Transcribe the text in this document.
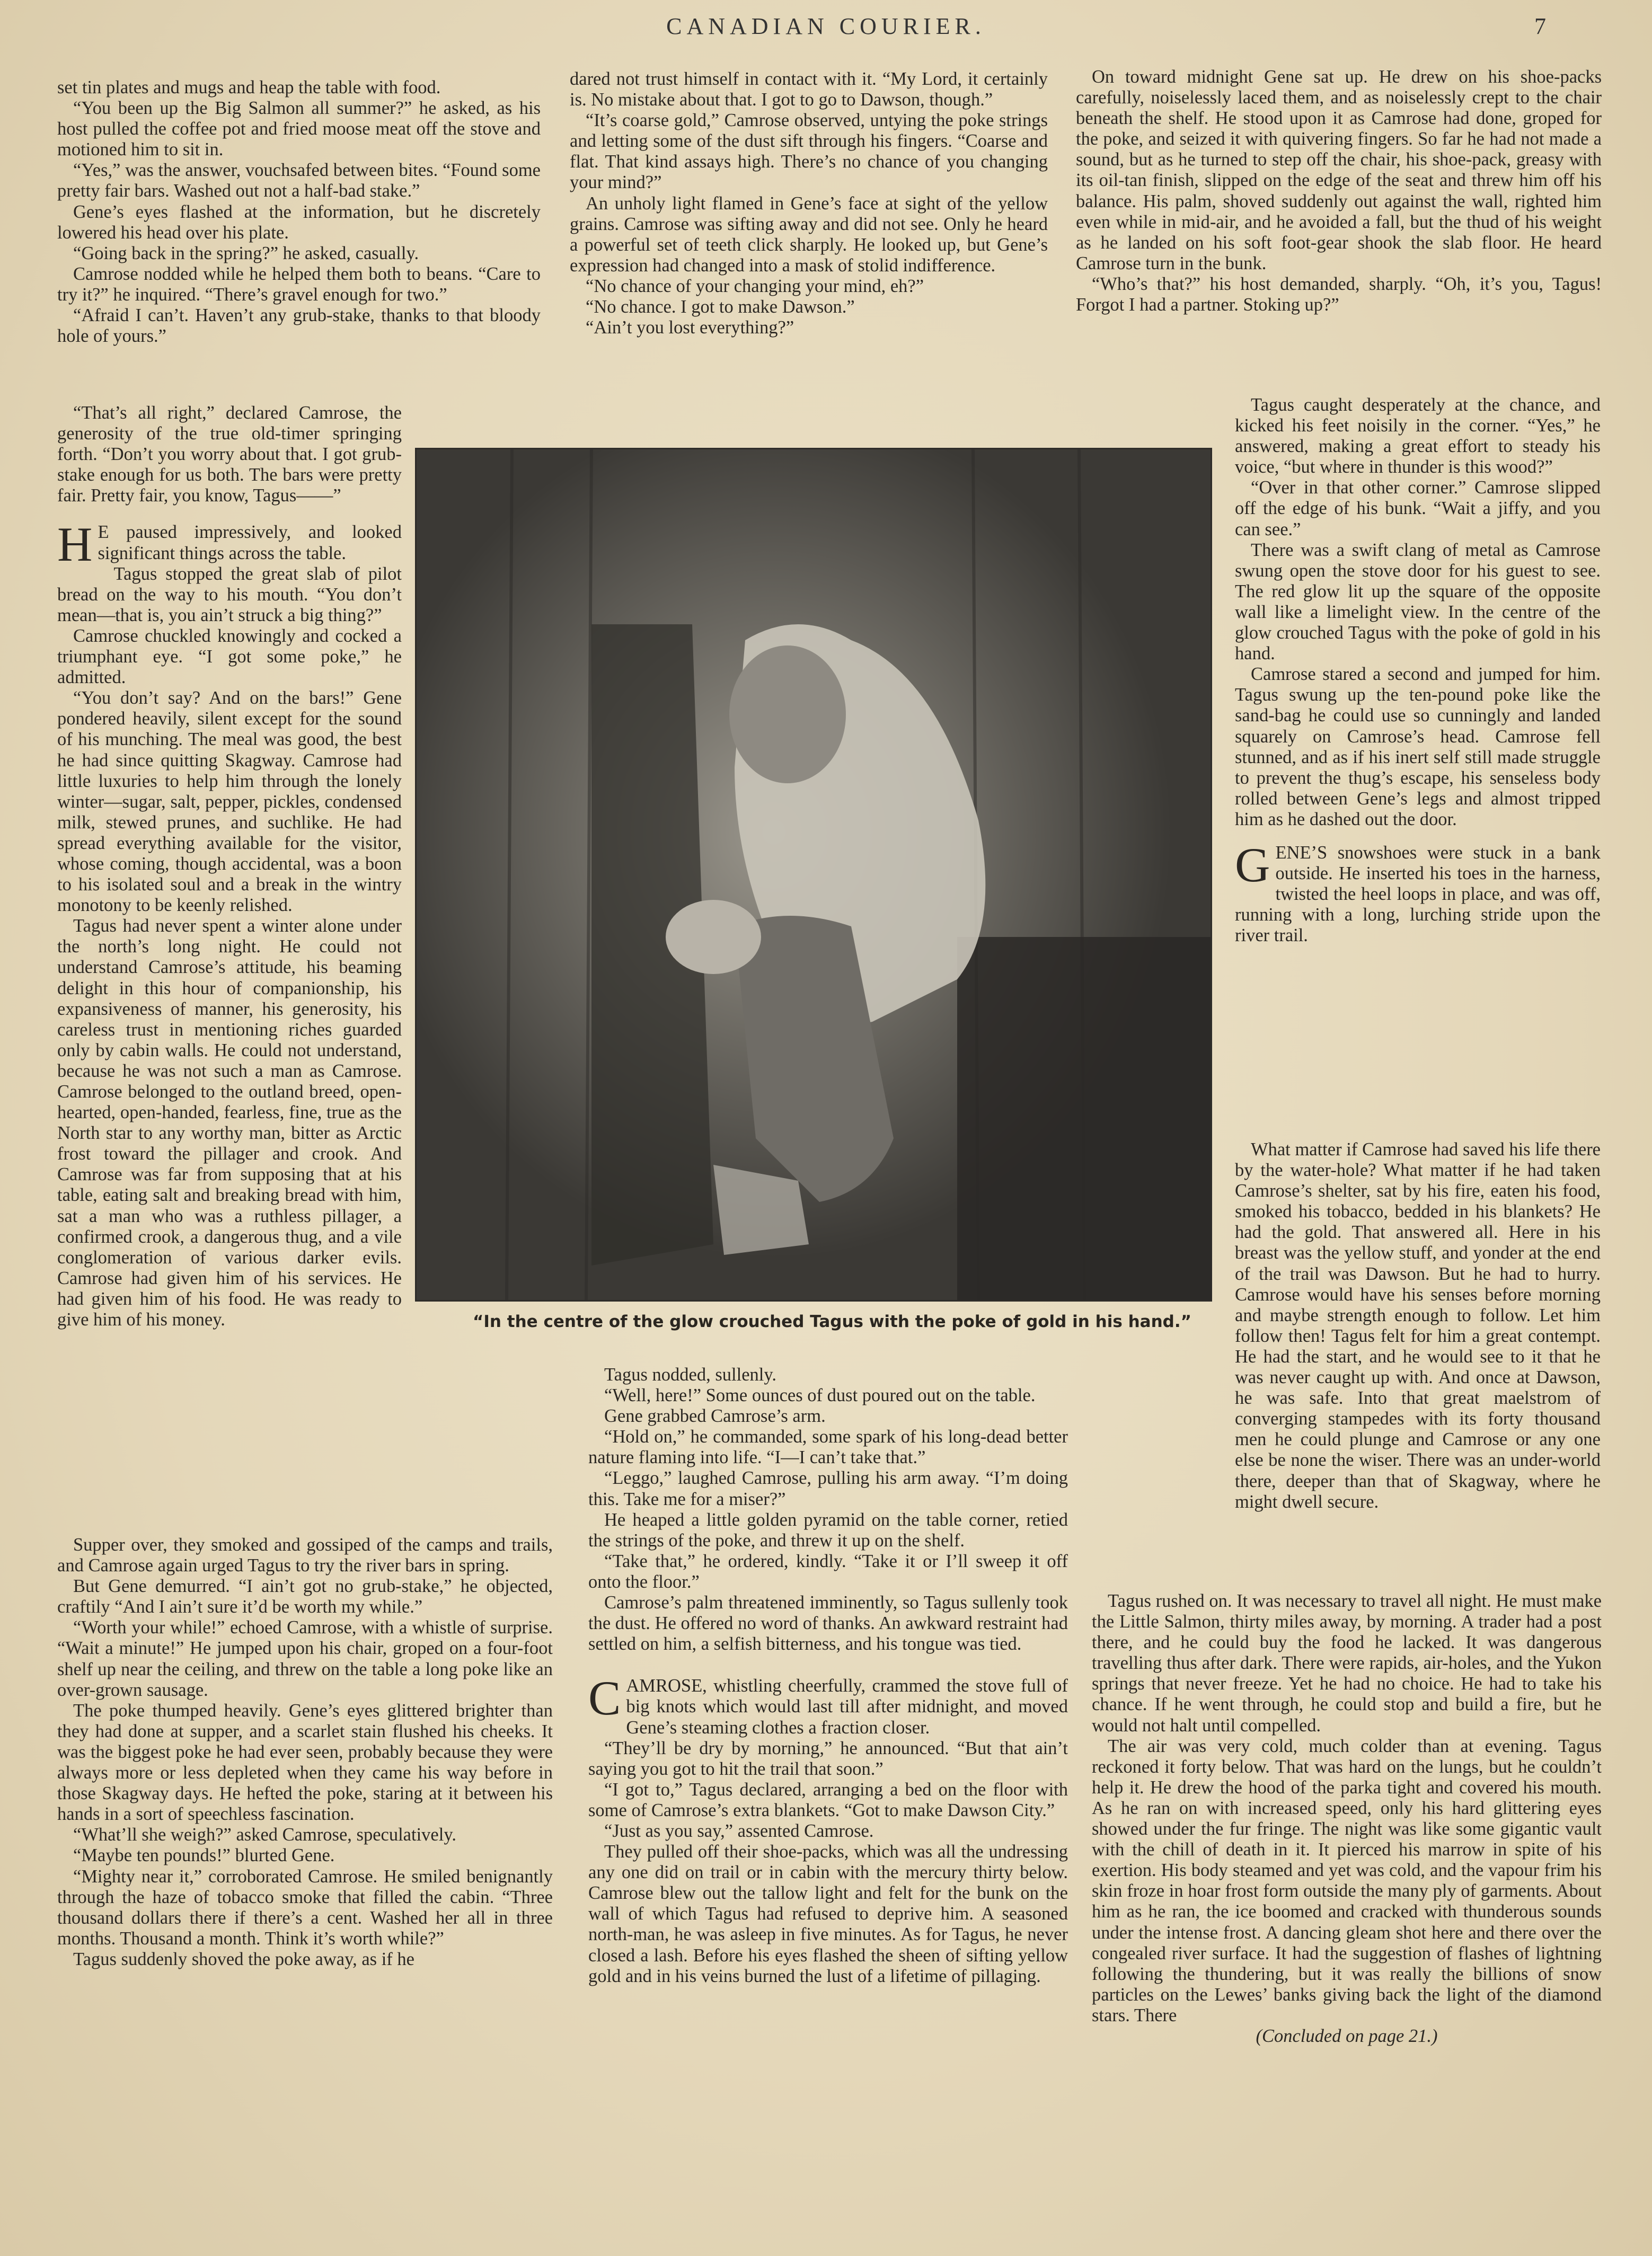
CANADIAN COURIER.	7

set tin plates and mugs and heap the table with food.

“You been up the Big Salmon all summer?” he asked, as his host pulled the coffee pot and fried moose meat off the stove and motioned him to sit in.

“Yes,” was the answer, vouchsafed between bites. “Found some pretty fair bars. Washed out not a half-bad stake.”

Gene’s eyes flashed at the information, but he discretely lowered his head over his plate.

“Going back in the spring?” he asked, casually.

Camrose nodded while he helped them both to beans. “Care to try it?” he inquired. “There’s gravel enough for two.”

“Afraid I can’t. Haven’t any grub-stake, thanks to that bloody hole of yours.”

“That’s all right,” declared Camrose, the generosity of the true old-timer springing forth. “Don’t you worry about that. I got grub-stake enough for us both. The bars were pretty fair. Pretty fair, you know, Tagus——”

H E paused impressively, and looked significant things across the table.

Tagus stopped the great slab of pilot bread on the way to his mouth. “You don’t mean—that is, you ain’t struck a big thing?”

Camrose chuckled knowingly and cocked a triumphant eye. “I got some poke,” he admitted.

“You don’t say? And on the bars!” Gene pondered heavily, silent except for the sound of his munching. The meal was good, the best he had since quitting Skagway. Camrose had little luxuries to help him through the lonely winter—sugar, salt, pepper, pickles, condensed milk, stewed prunes, and suchlike. He had spread everything available for the visitor, whose coming, though accidental, was a boon to his isolated soul and a break in the wintry monotony to be keenly relished.

Tagus had never spent a winter alone under the north’s long night. He could not understand Camrose’s attitude, his beaming delight in this hour of companionship, his expansiveness of manner, his generosity, his careless trust in mentioning riches guarded only by cabin walls. He could not understand, because he was not such a man as Camrose. Camrose belonged to the outland breed, open-hearted, open-handed, fearless, fine, true as the North star to any worthy man, bitter as Arctic frost toward the pillager and crook. And Camrose was far from supposing that at his table, eating salt and breaking bread with him, sat a man who was a ruthless pillager, a confirmed crook, a dangerous thug, and a vile conglomeration of various darker evils. Camrose had given him of his services. He had given him of his food. He was ready to give him of his money.

Supper over, they smoked and gossiped of the camps and trails, and Camrose again urged Tagus to try the river bars in spring.

But Gene demurred. “I ain’t got no grub-stake,” he objected, craftily “And I ain’t sure it’d be worth my while.”

“Worth your while!” echoed Camrose, with a whistle of surprise. “Wait a minute!” He jumped upon his chair, groped on a four-foot shelf up near the ceiling, and threw on the table a long poke like an over-grown sausage.

The poke thumped heavily. Gene’s eyes glittered brighter than they had done at supper, and a scarlet stain flushed his cheeks. It was the biggest poke he had ever seen, probably because they were always more or less depleted when they came his way before in those Skagway days. He hefted the poke, staring at it between his hands in a sort of speechless fascination.

“What’ll she weigh?” asked Camrose, speculatively.

“Maybe ten pounds!” blurted Gene.

“Mighty near it,” corroborated Camrose. He smiled benignantly through the haze of tobacco smoke that filled the cabin. “Three thousand dollars there if there’s a cent. Washed her all in three months. Thousand a month. Think it’s worth while?”

Tagus suddenly shoved the poke away, as if he

dared not trust himself in contact with it. “My Lord, it certainly is. No mistake about that. I got to go to Dawson, though.”

“It’s coarse gold,” Camrose observed, untying the poke strings and letting some of the dust sift through his fingers. “Coarse and flat. That kind assays high. There’s no chance of you changing your mind?”

An unholy light flamed in Gene’s face at sight of the yellow grains. Camrose was sifting away and did not see. Only he heard a powerful set of teeth click sharply. He looked up, but Gene’s expression had changed into a mask of stolid indifference.

“No chance of your changing your mind, eh?”

“No chance. I got to make Dawson.”

“Ain’t you lost everything?”

Tagus nodded, sullenly.

“Well, here!” Some ounces of dust poured out on the table.

Gene grabbed Camrose’s arm.

“Hold on,” he commanded, some spark of his long-dead better nature flaming into life. “I—I can’t take that.”

“Leggo,” laughed Camrose, pulling his arm away. “I’m doing this. Take me for a miser?”

He heaped a little golden pyramid on the table corner, retied the strings of the poke, and threw it up on the shelf.

“Take that,” he ordered, kindly. “Take it or I’ll sweep it off onto the floor.”

Camrose’s palm threatened imminently, so Tagus sullenly took the dust. He offered no word of thanks. An awkward restraint had settled on him, a selfish bitterness, and his tongue was tied.

CAMROSE, whistling cheerfully, crammed the stove full of big knots which would last till after midnight, and moved Gene’s steaming clothes a fraction closer.

“They’ll be dry by morning,” he announced. “But that ain’t saying you got to hit the trail that soon.”

“I got to,” Tagus declared, arranging a bed on the floor with some of Camrose’s extra blankets. “Got to make Dawson City.”

“Just as you say,” assented Camrose.

They pulled off their shoe-packs, which was all the undressing any one did on trail or in cabin with the mercury thirty below. Camrose blew out the tallow light and felt for the bunk on the wall of which Tagus had refused to deprive him. A seasoned north-man, he was asleep in five minutes. As for Tagus, he never closed a lash. Before his eyes flashed the sheen of sifting yellow gold and in his veins burned the lust of a lifetime of pillaging.

On toward midnight Gene sat up. He drew on his shoe-packs carefully, noiselessly laced them, and as noiselessly crept to the chair beneath the shelf. He stood upon it as Camrose had done, groped for the poke, and seized it with quivering fingers. So far he had not made a sound, but as he turned to step off the chair, his shoe-pack, greasy with its oil-tan finish, slipped on the edge of the seat and threw him off his balance. His palm, shoved suddenly out against the wall, righted him even while in mid-air, and he avoided a fall, but the thud of his weight as he landed on his soft foot-gear shook the slab floor. He heard Camrose turn in the bunk.

“Who’s that?” his host demanded, sharply. “Oh, it’s you, Tagus! Forgot I had a partner. Stoking up?”

Tagus caught desperately at the chance, and kicked his feet noisily in the corner. “Yes,” he answered, making a great effort to steady his voice, “but where in thunder is this wood?”

“Over in that other corner.” Camrose slipped off the edge of his bunk. “Wait a jiffy, and you can see.”

There was a swift clang of metal as Camrose swung open the stove door for his guest to see. The red glow lit up the square of the opposite wall like a limelight view. In the centre of the glow crouched Tagus with the poke of gold in his hand.

Camrose stared a second and jumped for him. Tagus swung up the ten-pound poke like the sand-bag he could use so cunningly and landed squarely on Camrose’s head. Camrose fell stunned, and as if his inert self still made struggle to prevent the thug’s escape, his senseless body rolled between Gene’s legs and almost tripped him as he dashed out the door.

GENE’S snowshoes were stuck in a bank outside. He inserted his toes in the harness, twisted the heel loops in place, and was off, running with a long, lurching stride upon the river trail.

What matter if Camrose had saved his life there by the water-hole? What matter if he had taken Camrose’s shelter, sat by his fire, eaten his food, smoked his tobacco, bedded in his blankets? He had the gold. That answered all. Here in his breast was the yellow stuff, and yonder at the end of the trail was Dawson. But he had to hurry. Camrose would have his senses before morning and maybe strength enough to follow. Let him follow then! Tagus felt for him a great contempt. He had the start, and he would see to it that he was never caught up with. And once at Dawson, he was safe. Into that great maelstrom of converging stampedes with its forty thousand men he could plunge and Camrose or any one else be none the wiser. There was an under-world there, deeper than that of Skagway, where he might dwell secure.

Tagus rushed on. It was necessary to travel all night. He must make the Little Salmon, thirty miles away, by morning. A trader had a post there, and he could buy the food he lacked. It was dangerous travelling thus after dark. There were rapids, air-holes, and the Yukon springs that never freeze. Yet he had no choice. He had to take his chance. If he went through, he could stop and build a fire, but he would not halt until compelled.

The air was very cold, much colder than at evening. Tagus reckoned it forty below. That was hard on the lungs, but he couldn’t help it. He drew the hood of the parka tight and covered his mouth. As he ran on with increased speed, only his hard glittering eyes showed under the fur fringe. The night was like some gigantic vault with the chill of death in it. It pierced his marrow in spite of his exertion. His body steamed and yet was cold, and the vapour frim his skin froze in hoar frost form outside the many ply of garments. About him as he ran, the ice boomed and cracked with thunderous sounds under the intense frost. A dancing gleam shot here and there over the congealed river surface. It had the suggestion of flashes of lightning following the thundering, but it was really the billions of snow particles on the Lewes’ banks giving back the light of the diamond stars. There

(Concluded on page 21.)

“In the centre of the glow crouched Tagus with the poke of gold in his hand.”
